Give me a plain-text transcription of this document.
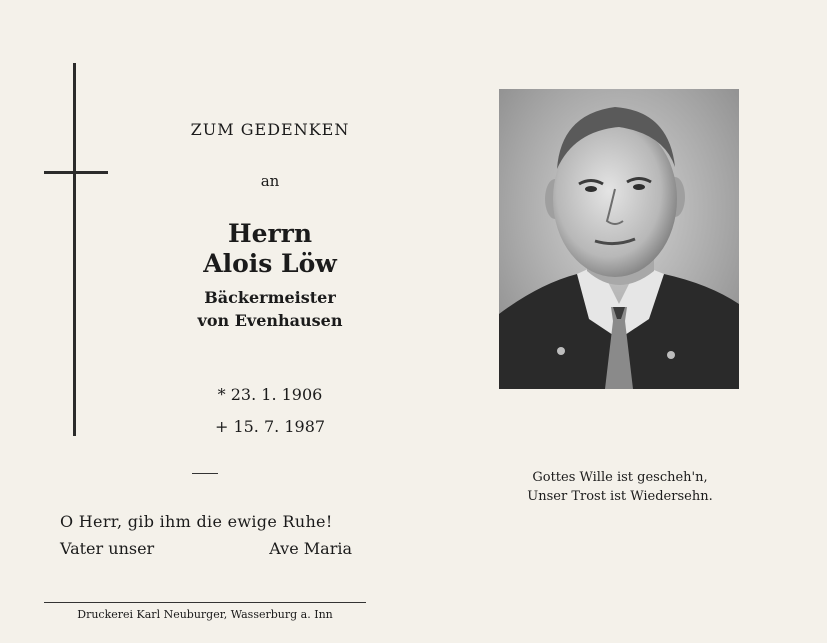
ZUM GEDENKEN
an
Herrn
Alois Löw
Bäckermeister
von Evenhausen
* 23. 1. 1906
+ 15. 7. 1987
O Herr, gib ihm die ewige Ruhe!
Vater unser	Ave Maria
Druckerei Karl Neuburger, Wasserburg a. Inn
Gottes Wille ist gescheh'n,
Unser Trost ist Wiedersehn.
